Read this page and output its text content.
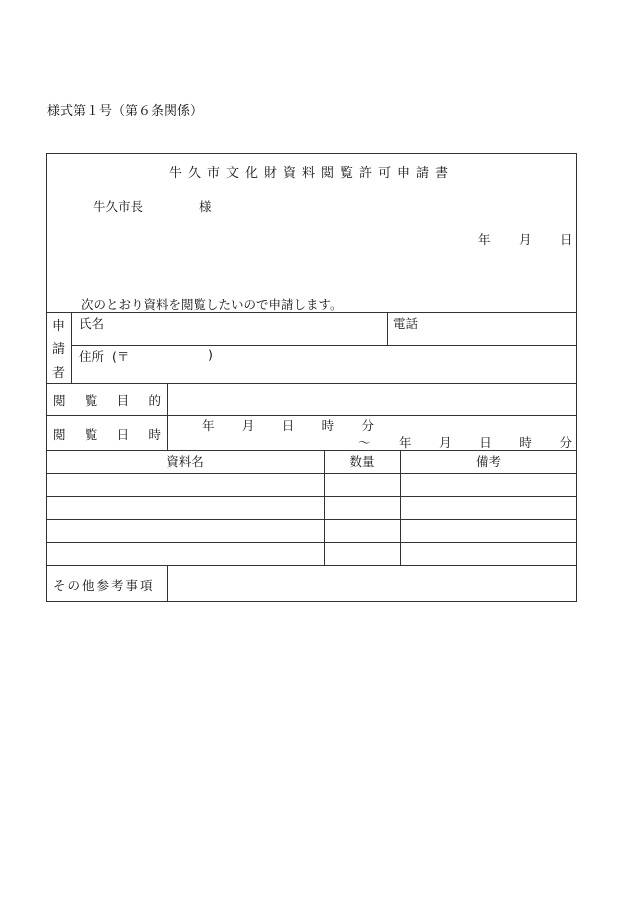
様式第１号（第６条関係）
牛久市文化財資料閲覧許可申請書
牛久市長	様
年 月 日
次のとおり資料を閲覧したいので申請します。
申
請
者
氏名	電話
住所 (〒	)
閲 覧 目 的
閲 覧 日 時
年 月 日 時 分
～ 年 月 日 時 分
資料名	数量	備考
その他参考事項
